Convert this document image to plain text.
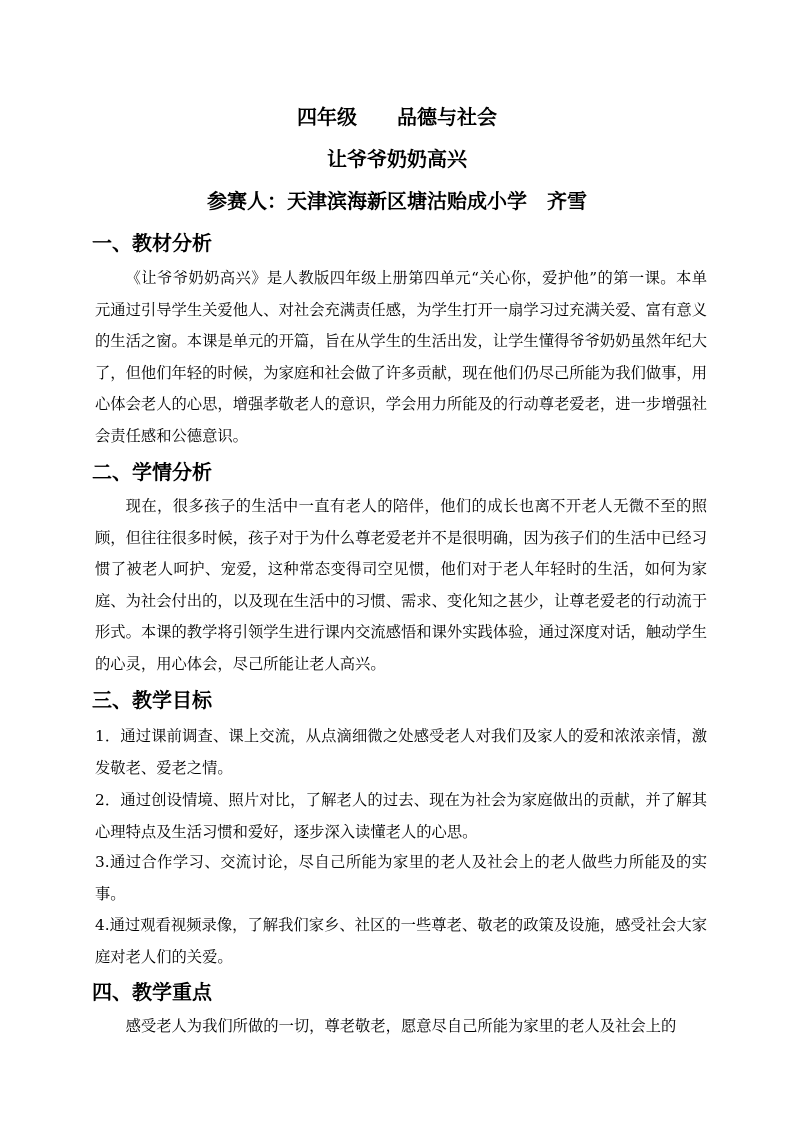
四年级 品德与社会
让爷爷奶奶高兴
参赛人：天津滨海新区塘沽贻成小学　齐雪
一、教材分析

《让爷爷奶奶高兴》是人教版四年级上册第四单元“关心你，爱护他”的第一课。本单元通过引导学生关爱他人、对社会充满责任感，为学生打开一扇学习过充满关爱、富有意义的生活之窗。本课是单元的开篇，旨在从学生的生活出发，让学生懂得爷爷奶奶虽然年纪大了，但他们年轻的时候，为家庭和社会做了许多贡献，现在他们仍尽己所能为我们做事，用心体会老人的心思，增强孝敬老人的意识，学会用力所能及的行动尊老爱老，进一步增强社会责任感和公德意识。

二、学情分析

现在，很多孩子的生活中一直有老人的陪伴，他们的成长也离不开老人无微不至的照顾，但往往很多时候，孩子对于为什么尊老爱老并不是很明确，因为孩子们的生活中已经习惯了被老人呵护、宠爱，这种常态变得司空见惯，他们对于老人年轻时的生活，如何为家庭、为社会付出的，以及现在生活中的习惯、需求、变化知之甚少，让尊老爱老的行动流于形式。本课的教学将引领学生进行课内交流感悟和课外实践体验，通过深度对话，触动学生的心灵，用心体会，尽己所能让老人高兴。

三、教学目标

1．通过课前调查、课上交流，从点滴细微之处感受老人对我们及家人的爱和浓浓亲情，激发敬老、爱老之情。

2．通过创设情境、照片对比，了解老人的过去、现在为社会为家庭做出的贡献，并了解其心理特点及生活习惯和爱好，逐步深入读懂老人的心思。

3.通过合作学习、交流讨论，尽自己所能为家里的老人及社会上的老人做些力所能及的实事。

4.通过观看视频录像，了解我们家乡、社区的一些尊老、敬老的政策及设施，感受社会大家庭对老人们的关爱。

四、教学重点

感受老人为我们所做的一切，尊老敬老，愿意尽自己所能为家里的老人及社会上的
